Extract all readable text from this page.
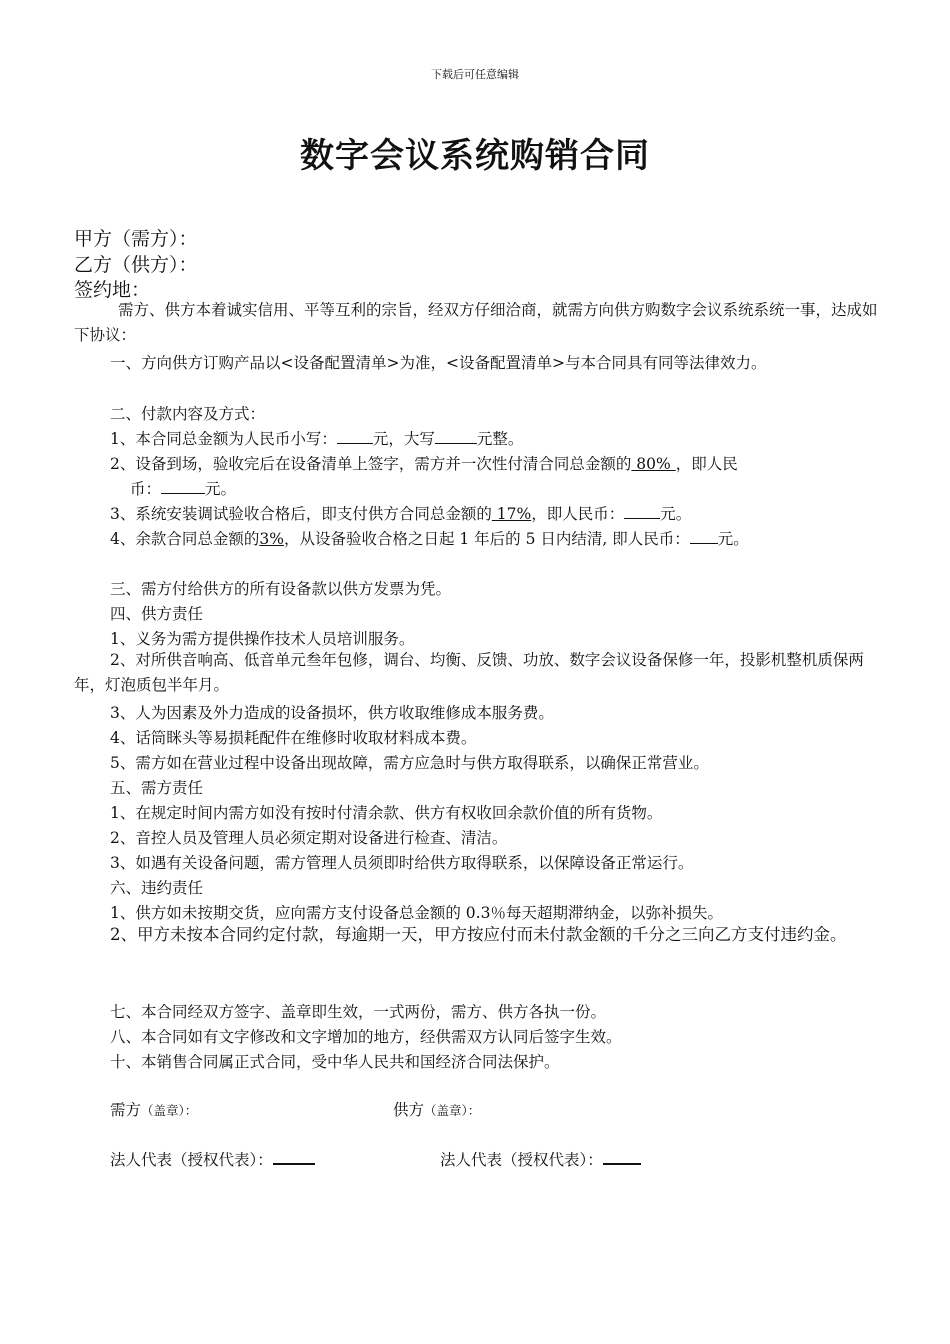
下载后可任意编辑
数字会议系统购销合同
甲方（需方）：
乙方（供方）：
签约地：
需方、供方本着诚实信用、平等互利的宗旨，经双方仔细洽商，就需方向供方购数字会议系统系统一事，达成如下协议：
一、方向供方订购产品以<设备配置清单>为准，<设备配置清单>与本合同具有同等法律效力。
二、付款内容及方式：
1、本合同总金额为人民币小写： 元，大写	元整。
2、设备到场，验收完后在设备清单上签字，需方并一次性付清合同总金额的 80% ，即人民
币：	元。
3、系统安装调试验收合格后，即支付供方合同总金额的 17%，即人民币： 元。
4、余款合同总金额的3%，从设备验收合格之日起 1 年后的 5 日内结清, 即人民币： 元。
三、需方付给供方的所有设备款以供方发票为凭。
四、供方责任
1、义务为需方提供操作技术人员培训服务。
2、对所供音响高、低音单元叁年包修，调台、均衡、反馈、功放、数字会议设备保修一年，投影机整机质保两年，灯泡质包半年月。
3、人为因素及外力造成的设备损坏，供方收取维修成本服务费。
4、话筒眯头等易损耗配件在维修时收取材料成本费。
5、需方如在营业过程中设备出现故障，需方应急时与供方取得联系，以确保正常营业。
五、需方责任
1、在规定时间内需方如没有按时付清余款、供方有权收回余款价值的所有货物。
2、音控人员及管理人员必须定期对设备进行检查、清洁。
3、如遇有关设备问题，需方管理人员须即时给供方取得联系，以保障设备正常运行。
六、违约责任
1、供方如未按期交货，应向需方支付设备总金额的 0.3％每天超期滞纳金，以弥补损失。
2、甲方未按本合同约定付款，每逾期一天，甲方按应付而未付款金额的千分之三向乙方支付违约金。
七、本合同经双方签字、盖章即生效，一式两份，需方、供方各执一份。
八、本合同如有文字修改和文字增加的地方，经供需双方认同后签字生效。
十、本销售合同属正式合同，受中华人民共和国经济合同法保护。
需方（盖章）：	供方（盖章）：
法人代表（授权代表）：	法人代表（授权代表）：
